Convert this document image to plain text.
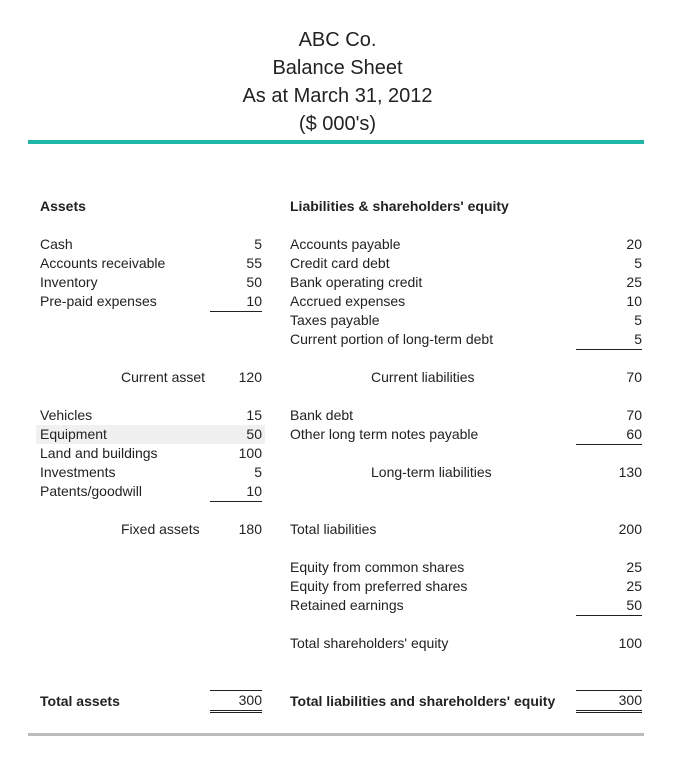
ABC Co.
Balance Sheet
As at March 31, 2012
($ 000's)
Assets	Liabilities & shareholders' equity
Cash	5
Accounts receivable	55
Inventory	50
Pre-paid expenses	10
Current asset	120
Vehicles	15
Equipment	50
Land and buildings	100
Investments	5
Patents/goodwill	10
Fixed assets	180
Total assets	300
Accounts payable	20
Credit card debt	5
Bank operating credit	25
Accrued expenses	10
Taxes payable	5
Current portion of long-term debt	5
Current liabilities	70
Bank debt	70
Other long term notes payable	60
Long-term liabilities	130
Total liabilities	200
Equity from common shares	25
Equity from preferred shares	25
Retained earnings	50
Total shareholders' equity	100
Total liabilities and shareholders' equity	300
